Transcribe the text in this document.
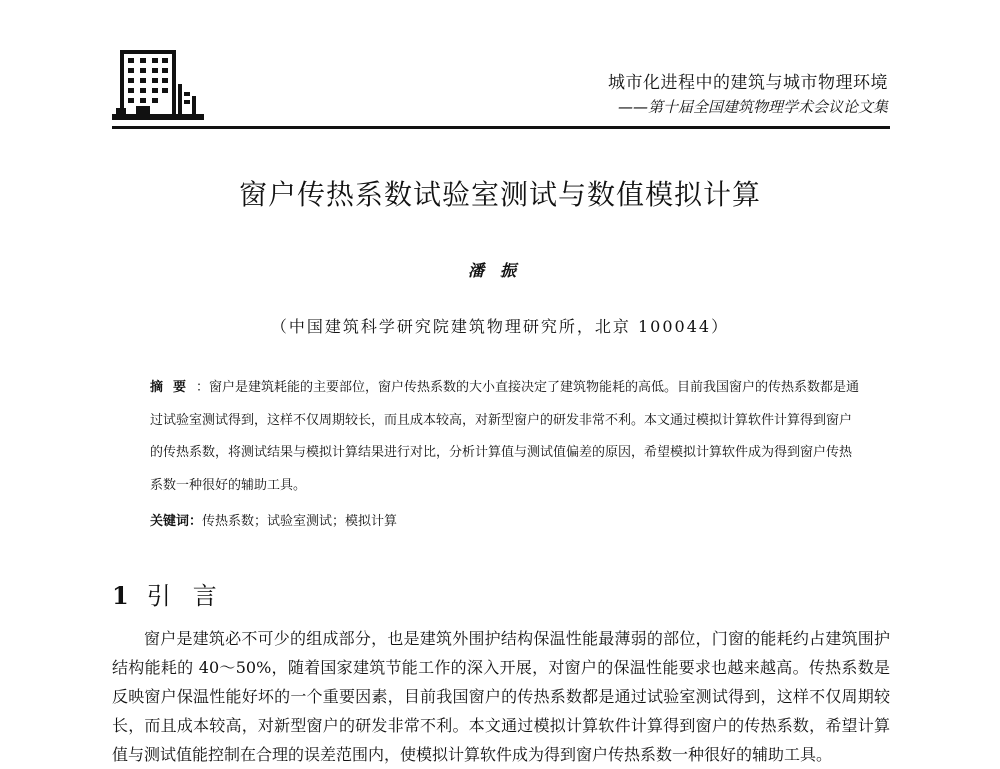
城市化进程中的建筑与城市物理环境
——第十届全国建筑物理学术会议论文集
窗户传热系数试验室测试与数值模拟计算
潘振
（中国建筑科学研究院建筑物理研究所，北京 100044）
摘要：窗户是建筑耗能的主要部位，窗户传热系数的大小直接决定了建筑物能耗的高低。目前我国窗户的传热系数都是通过试验室测试得到，这样不仅周期较长，而且成本较高，对新型窗户的研发非常不利。本文通过模拟计算软件计算得到窗户的传热系数，将测试结果与模拟计算结果进行对比，分析计算值与测试值偏差的原因，希望模拟计算软件成为得到窗户传热系数一种很好的辅助工具。
关键词：传热系数；试验室测试；模拟计算
1 引言
窗户是建筑必不可少的组成部分，也是建筑外围护结构保温性能最薄弱的部位，门窗的能耗约占建筑围护结构能耗的 40～50%，随着国家建筑节能工作的深入开展，对窗户的保温性能要求也越来越高。传热系数是反映窗户保温性能好坏的一个重要因素，目前我国窗户的传热系数都是通过试验室测试得到，这样不仅周期较长，而且成本较高，对新型窗户的研发非常不利。本文通过模拟计算软件计算得到窗户的传热系数，希望计算值与测试值能控制在合理的误差范围内，使模拟计算软件成为得到窗户传热系数一种很好的辅助工具。
